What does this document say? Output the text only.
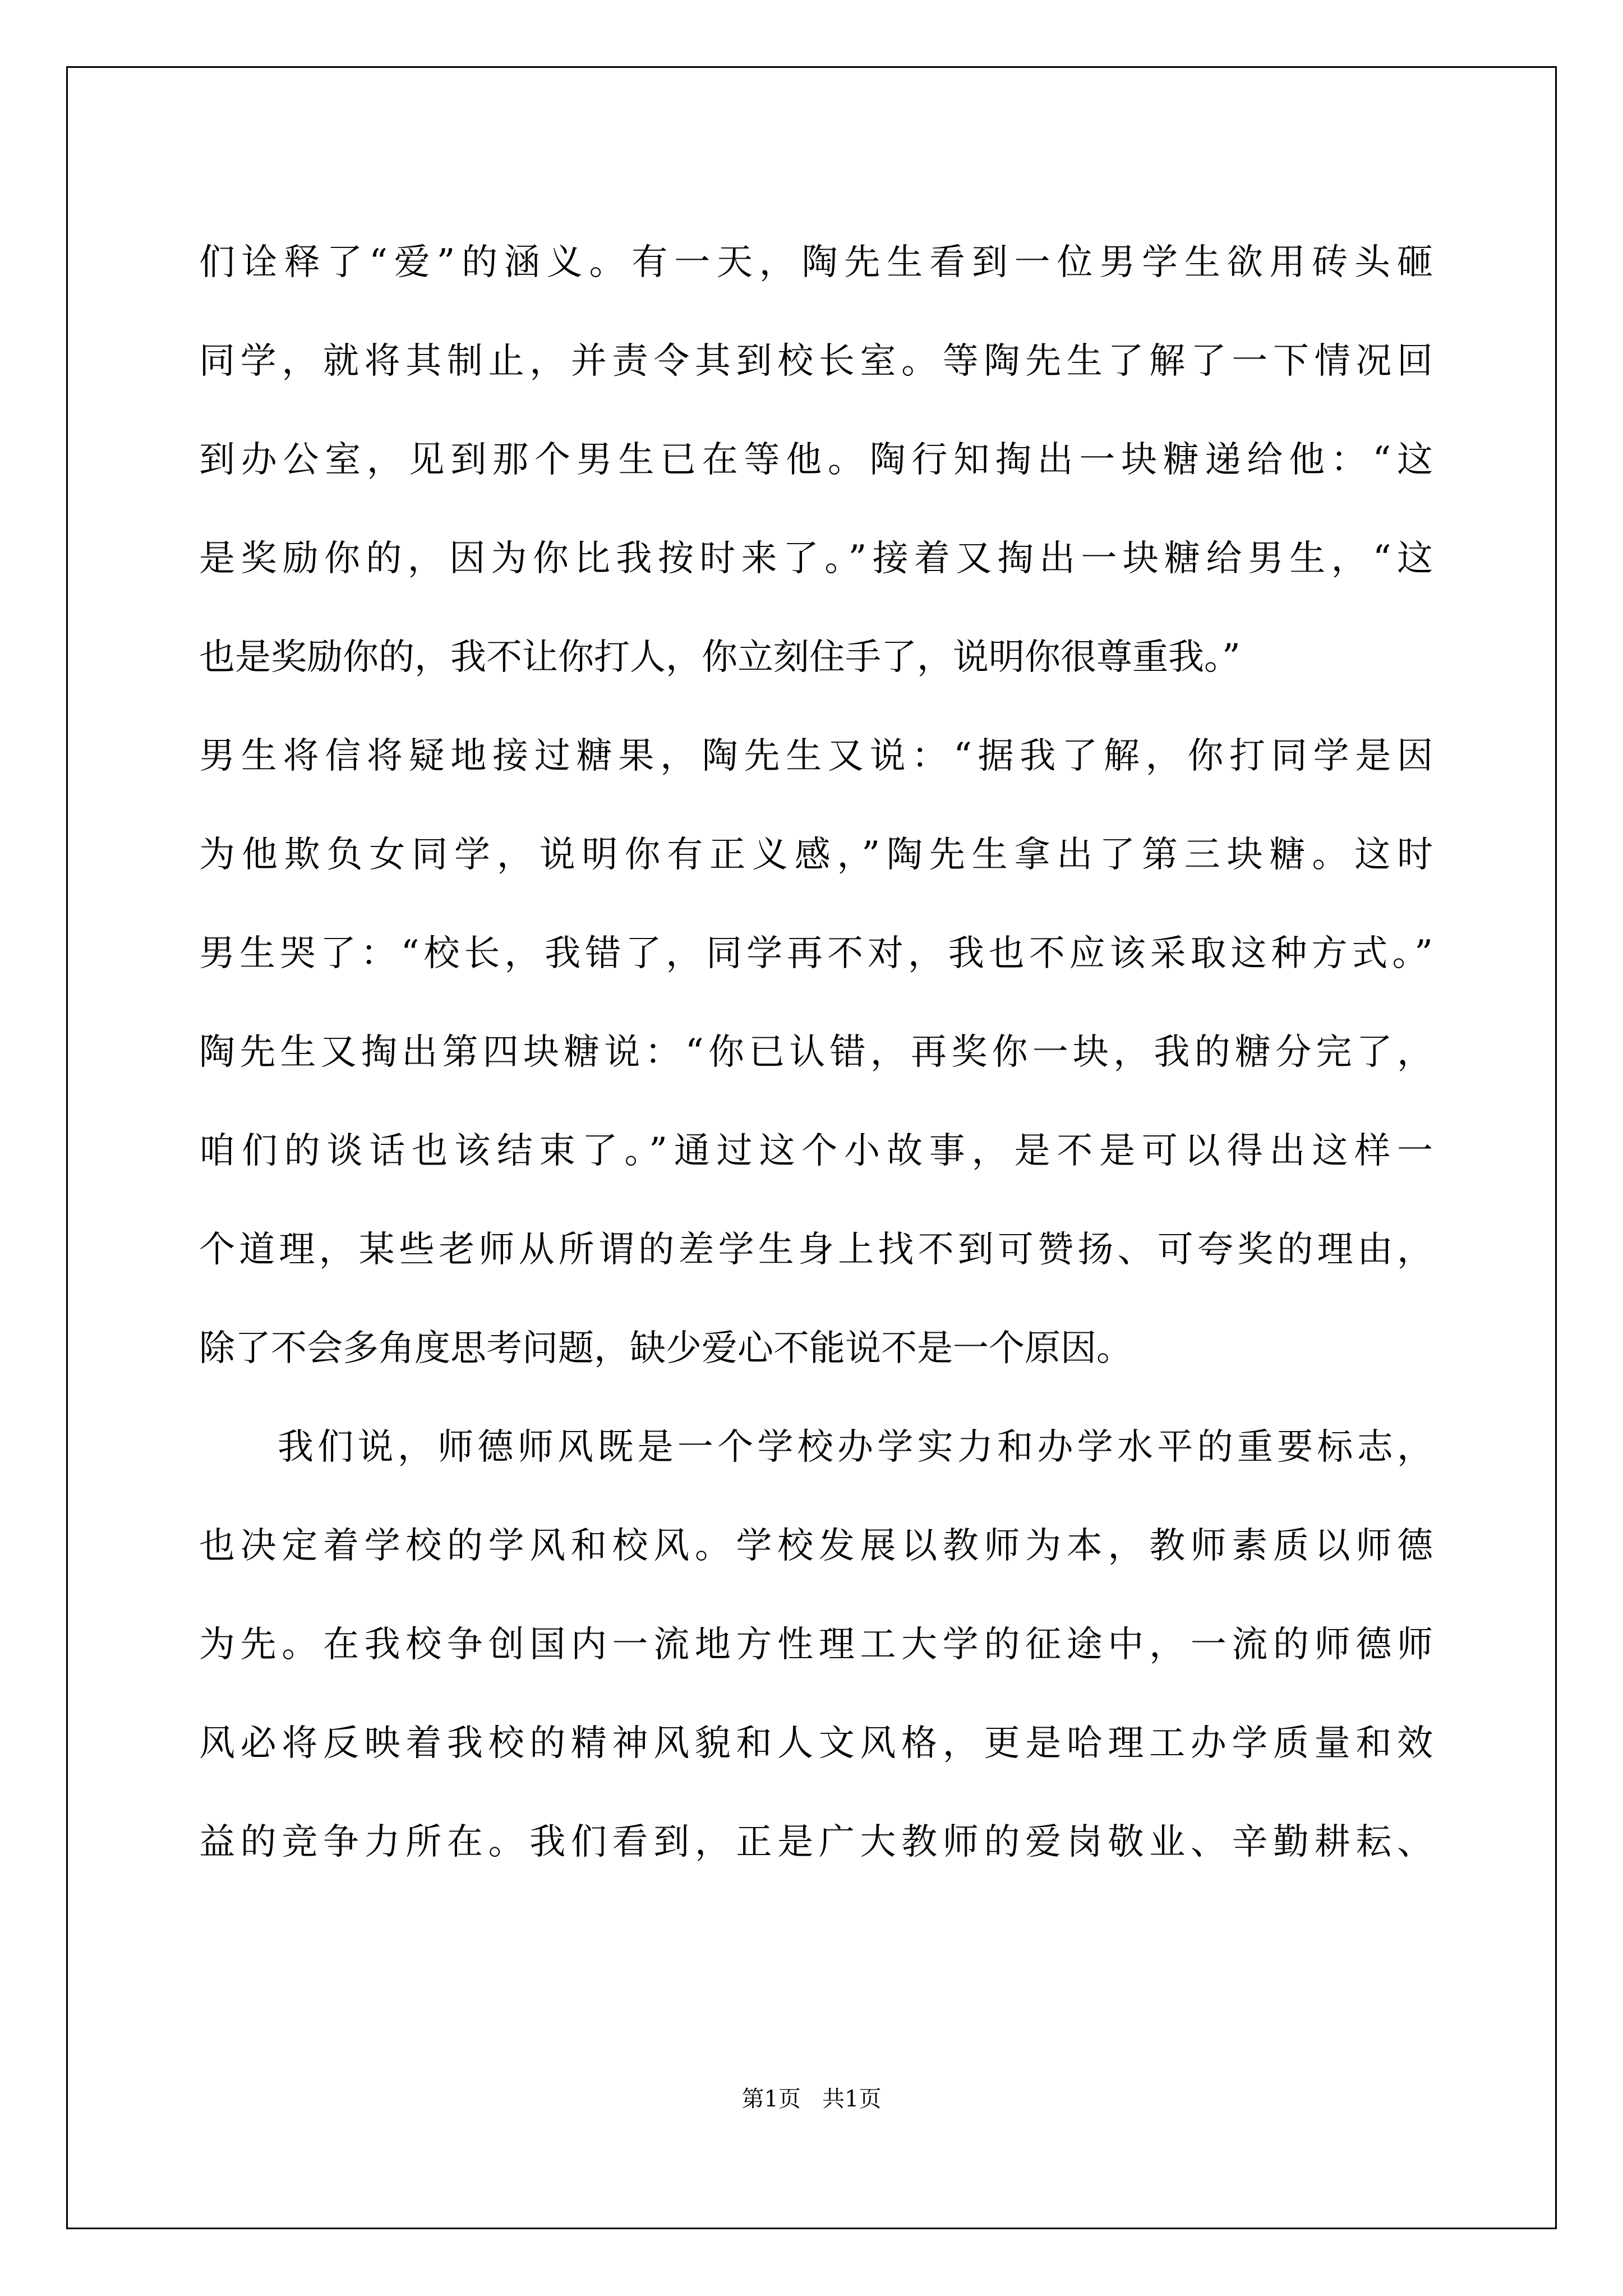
们诠释了“爱”的涵义。有一天，陶先生看到一位男学生欲用砖头砸
同学，就将其制止，并责令其到校长室。等陶先生了解了一下情况回
到办公室，见到那个男生已在等他。陶行知掏出一块糖递给他：“这
是奖励你的，因为你比我按时来了。”接着又掏出一块糖给男生，“这
也是奖励你的，我不让你打人，你立刻住手了，说明你很尊重我。”
男生将信将疑地接过糖果，陶先生又说：“据我了解，你打同学是因
为他欺负女同学，说明你有正义感，”陶先生拿出了第三块糖。这时
男生哭了：“校长，我错了，同学再不对，我也不应该采取这种方式。”
陶先生又掏出第四块糖说：“你已认错，再奖你一块，我的糖分完了，
咱们的谈话也该结束了。”通过这个小故事，是不是可以得出这样一
个道理，某些老师从所谓的差学生身上找不到可赞扬、可夸奖的理由，
除了不会多角度思考问题，缺少爱心不能说不是一个原因。
我们说，师德师风既是一个学校办学实力和办学水平的重要标志，
也决定着学校的学风和校风。学校发展以教师为本，教师素质以师德
为先。在我校争创国内一流地方性理工大学的征途中，一流的师德师
风必将反映着我校的精神风貌和人文风格，更是哈理工办学质量和效
益的竞争力所在。我们看到，正是广大教师的爱岗敬业、辛勤耕耘、
第1页   共1页
